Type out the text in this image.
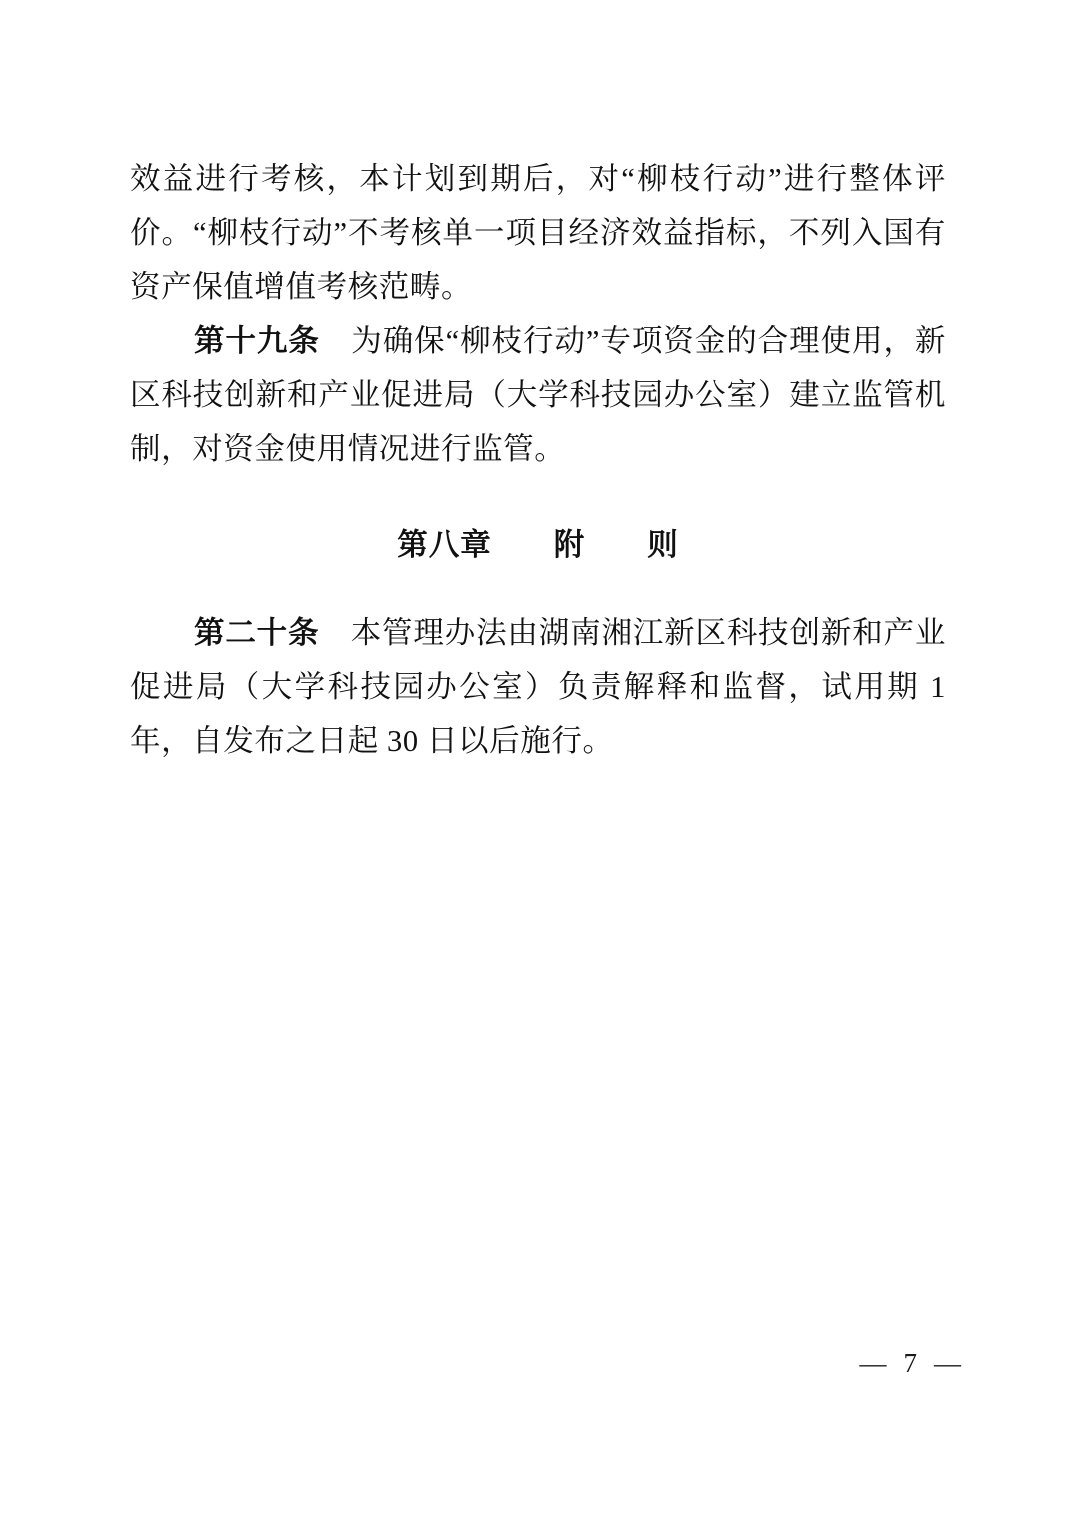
效益进行考核，本计划到期后，对“柳枝行动”进行整体评价。“柳枝行动”不考核单一项目经济效益指标，不列入国有资产保值增值考核范畴。

第十九条　为确保“柳枝行动”专项资金的合理使用，新区科技创新和产业促进局（大学科技园办公室）建立监管机制，对资金使用情况进行监管。

第八章 附 则

第二十条　本管理办法由湖南湘江新区科技创新和产业促进局（大学科技园办公室）负责解释和监督，试用期 1 年，自发布之日起 30 日以后施行。

— 7 —
